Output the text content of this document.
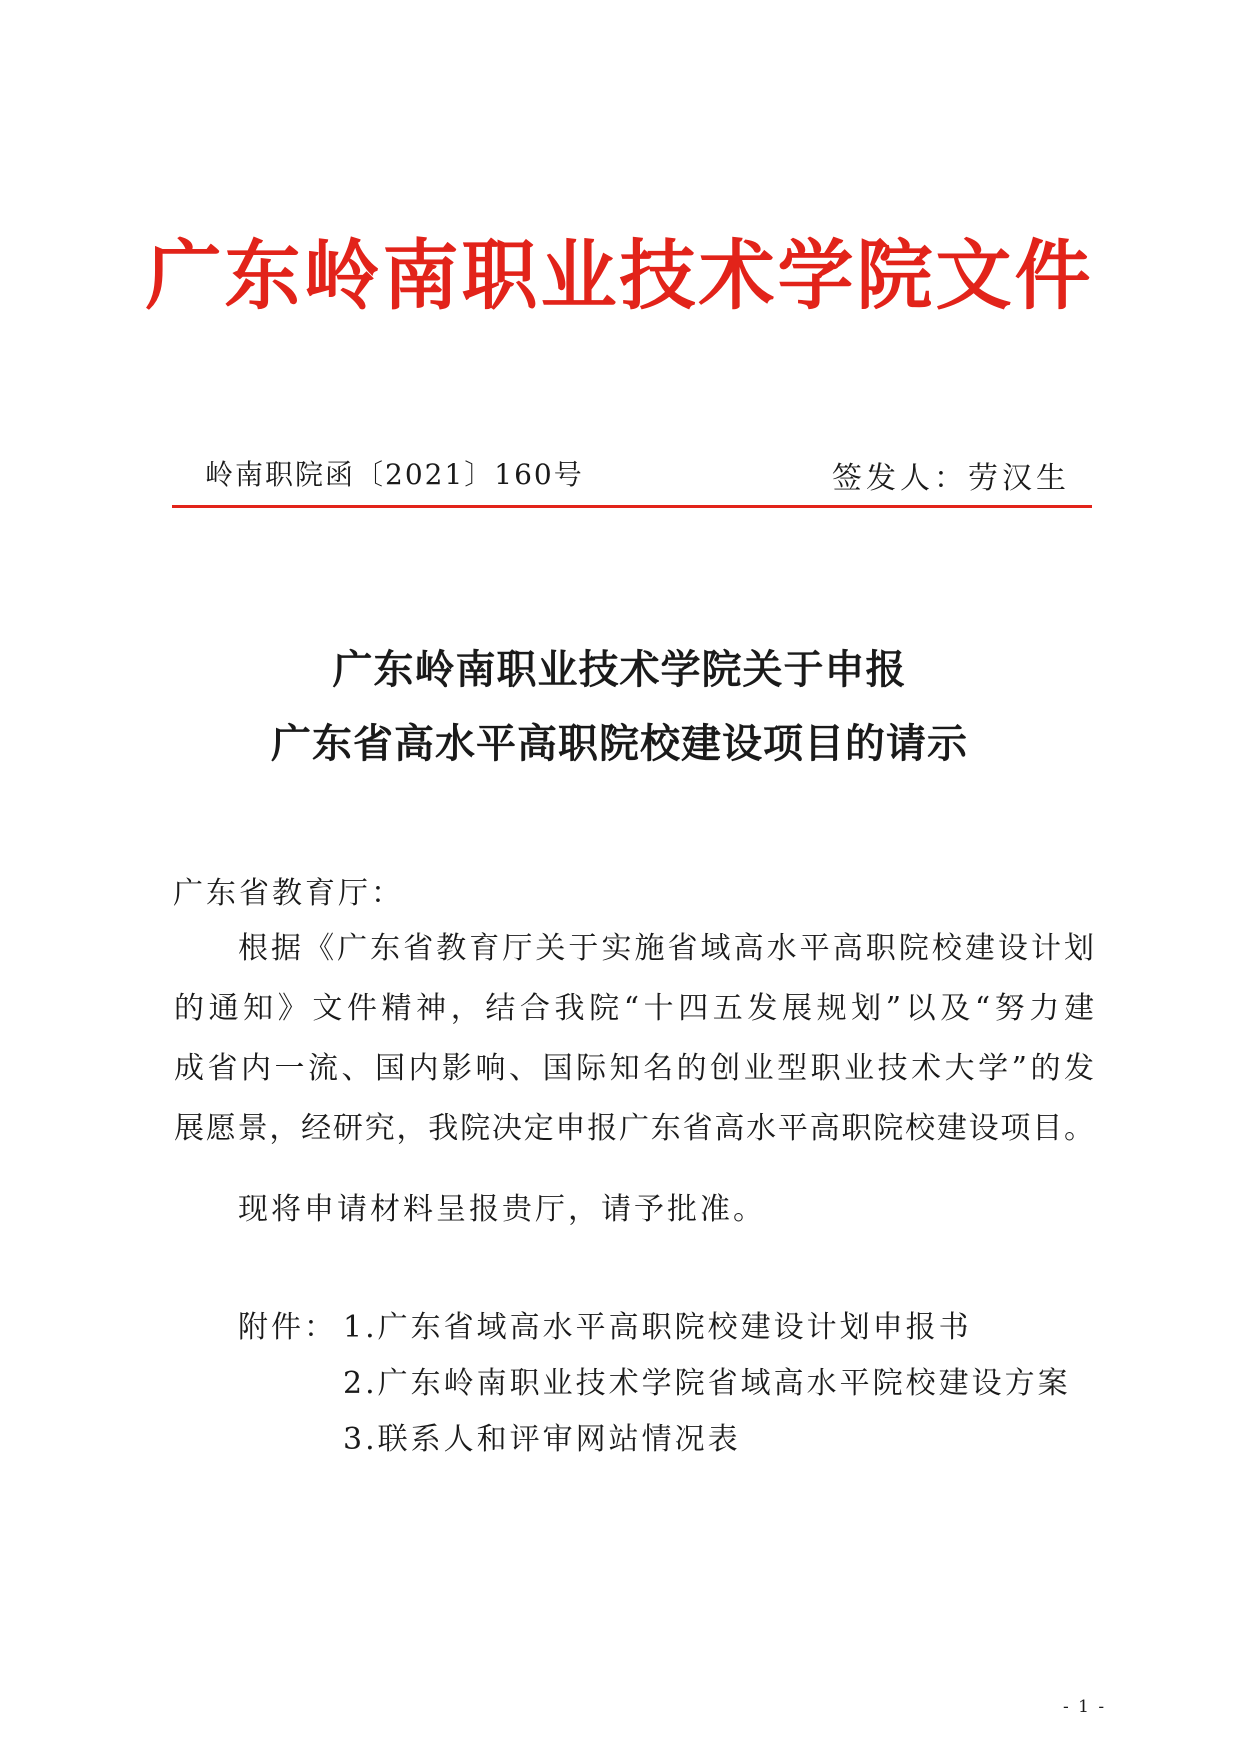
广东岭南职业技术学院文件
岭南职院函〔2021〕160号	签发人：劳汉生
广东岭南职业技术学院关于申报
广东省高水平高职院校建设项目的请示
广东省教育厅：
根据《广东省教育厅关于实施省域高水平高职院校建设计划
的通知》文件精神，结合我院“十四五发展规划”以及“努力建
成省内一流、国内影响、国际知名的创业型职业技术大学”的发
展愿景，经研究，我院决定申报广东省高水平高职院校建设项目。
现将申请材料呈报贵厅，请予批准。
附件： 1.广东省域高水平高职院校建设计划申报书
2.广东岭南职业技术学院省域高水平院校建设方案
3.联系人和评审网站情况表
- 1 -
